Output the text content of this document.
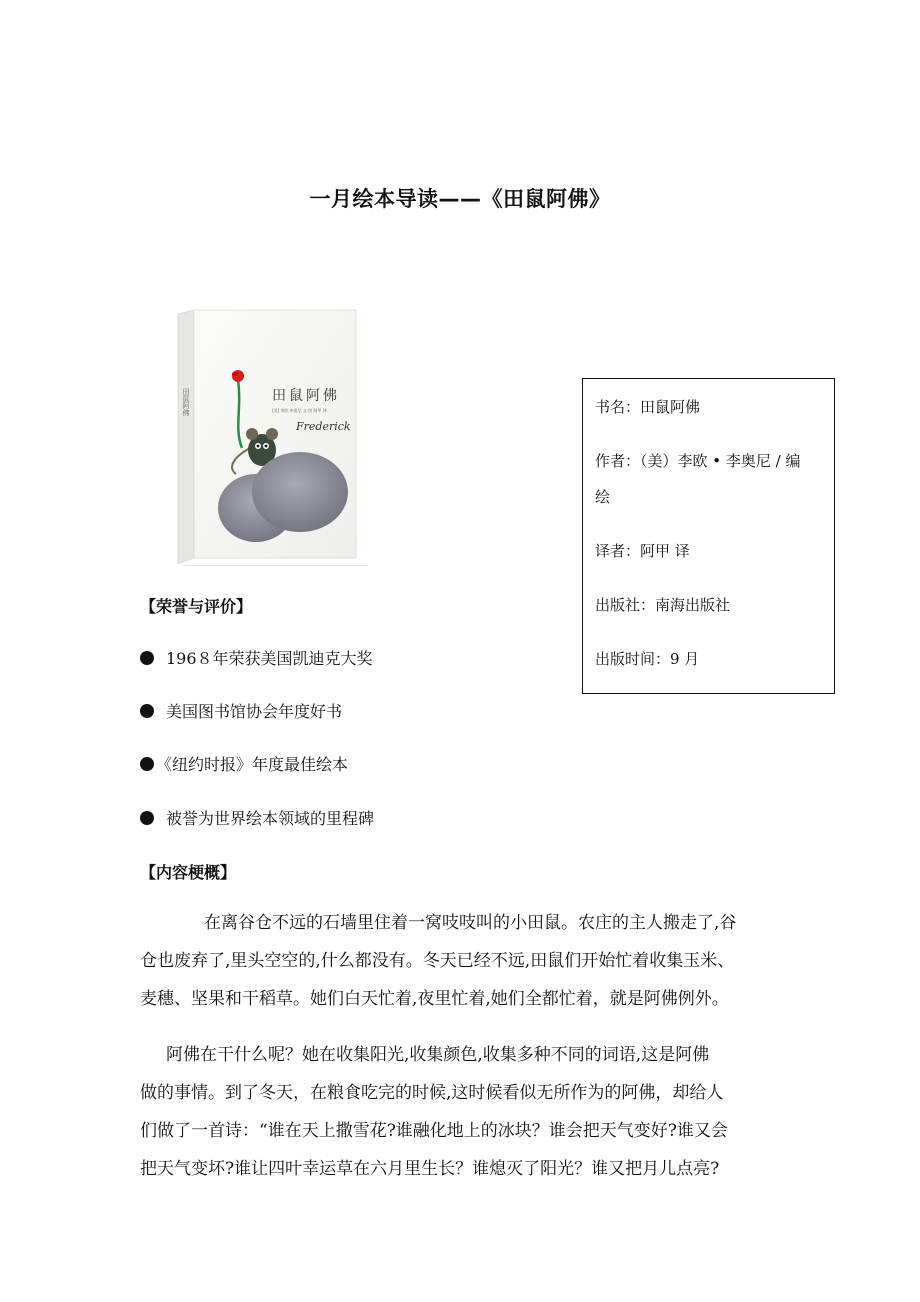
一月绘本导读——《田鼠阿佛》
田鼠阿佛	田鼠阿佛
[美] 李欧·李奥尼 文·图 阿甲 译
Frederick
书名：田鼠阿佛
作者：（美）李欧 • 李奥尼 / 编
绘
译者：阿甲 译
出版社：南海出版社
出版时间：9 月
【荣誉与评价】
196８年荣获美国凯迪克大奖
美国图书馆协会年度好书
《纽约时报》年度最佳绘本
被誉为世界绘本领域的里程碑
【内容梗概】
在离谷仓不远的石墙里住着一窝吱吱叫的小田鼠。农庄的主人搬走了,谷
仓也废弃了,里头空空的,什么都没有。冬天已经不远,田鼠们开始忙着收集玉米、
麦穗、坚果和干稻草。她们白天忙着,夜里忙着,她们全都忙着，就是阿佛例外。
阿佛在干什么呢？她在收集阳光,收集颜色,收集多种不同的词语,这是阿佛
做的事情。到了冬天，在粮食吃完的时候,这时候看似无所作为的阿佛，却给人
们做了一首诗：“谁在天上撒雪花?谁融化地上的冰块？谁会把天气变好?谁又会
把天气变坏?谁让四叶幸运草在六月里生长？谁熄灭了阳光？谁又把月儿点亮?
